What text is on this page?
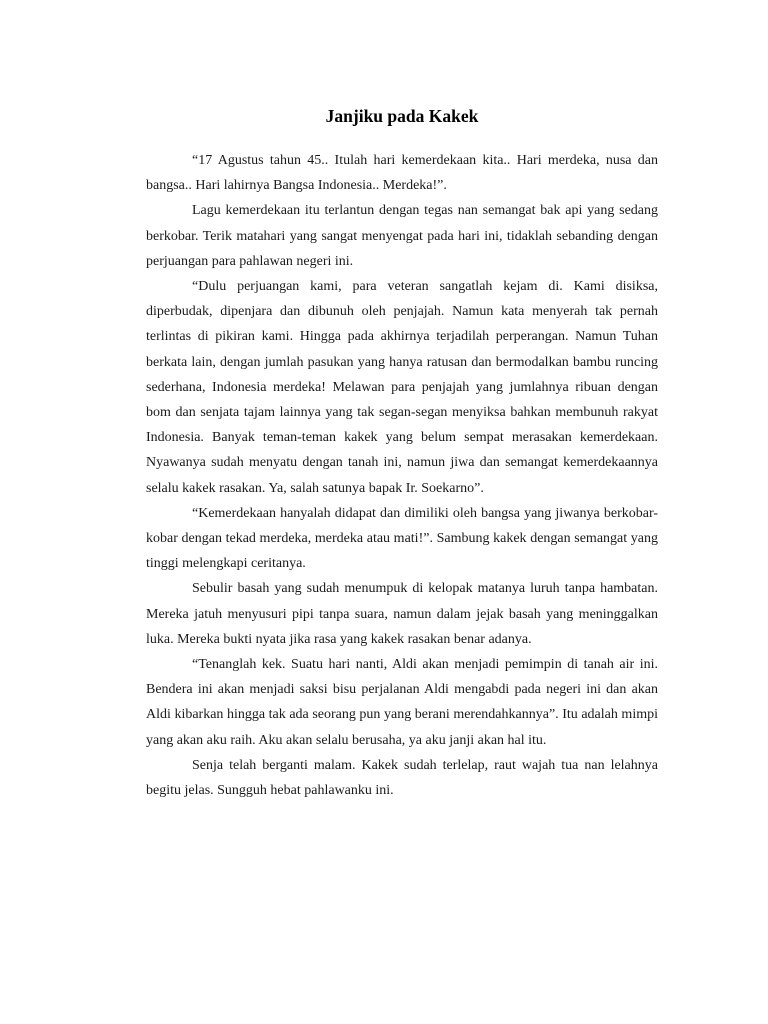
Janjiku pada Kakek

“17 Agustus tahun 45.. Itulah hari kemerdekaan kita.. Hari merdeka, nusa dan bangsa.. Hari lahirnya Bangsa Indonesia.. Merdeka!”.

Lagu kemerdekaan itu terlantun dengan tegas nan semangat bak api yang sedang berkobar. Terik matahari yang sangat menyengat pada hari ini, tidaklah sebanding dengan perjuangan para pahlawan negeri ini.

“Dulu perjuangan kami, para veteran sangatlah kejam di. Kami disiksa, diperbudak, dipenjara dan dibunuh oleh penjajah. Namun kata menyerah tak pernah terlintas di pikiran kami. Hingga pada akhirnya terjadilah perperangan. Namun Tuhan berkata lain, dengan jumlah pasukan yang hanya ratusan dan bermodalkan bambu runcing sederhana, Indonesia merdeka! Melawan para penjajah yang jumlahnya ribuan dengan bom dan senjata tajam lainnya yang tak segan-segan menyiksa bahkan membunuh rakyat Indonesia. Banyak teman-teman kakek yang belum sempat merasakan kemerdekaan. Nyawanya sudah menyatu dengan tanah ini, namun jiwa dan semangat kemerdekaannya selalu kakek rasakan. Ya, salah satunya bapak Ir. Soekarno”.

“Kemerdekaan hanyalah didapat dan dimiliki oleh bangsa yang jiwanya berkobar-kobar dengan tekad merdeka, merdeka atau mati!”. Sambung kakek dengan semangat yang tinggi melengkapi ceritanya.

Sebulir basah yang sudah menumpuk di kelopak matanya luruh tanpa hambatan. Mereka jatuh menyusuri pipi tanpa suara, namun dalam jejak basah yang meninggalkan luka. Mereka bukti nyata jika rasa yang kakek rasakan benar adanya.

“Tenanglah kek. Suatu hari nanti, Aldi akan menjadi pemimpin di tanah air ini. Bendera ini akan menjadi saksi bisu perjalanan Aldi mengabdi pada negeri ini dan akan Aldi kibarkan hingga tak ada seorang pun yang berani merendahkannya”. Itu adalah mimpi yang akan aku raih. Aku akan selalu berusaha, ya aku janji akan hal itu.

Senja telah berganti malam. Kakek sudah terlelap, raut wajah tua nan lelahnya begitu jelas. Sungguh hebat pahlawanku ini.
